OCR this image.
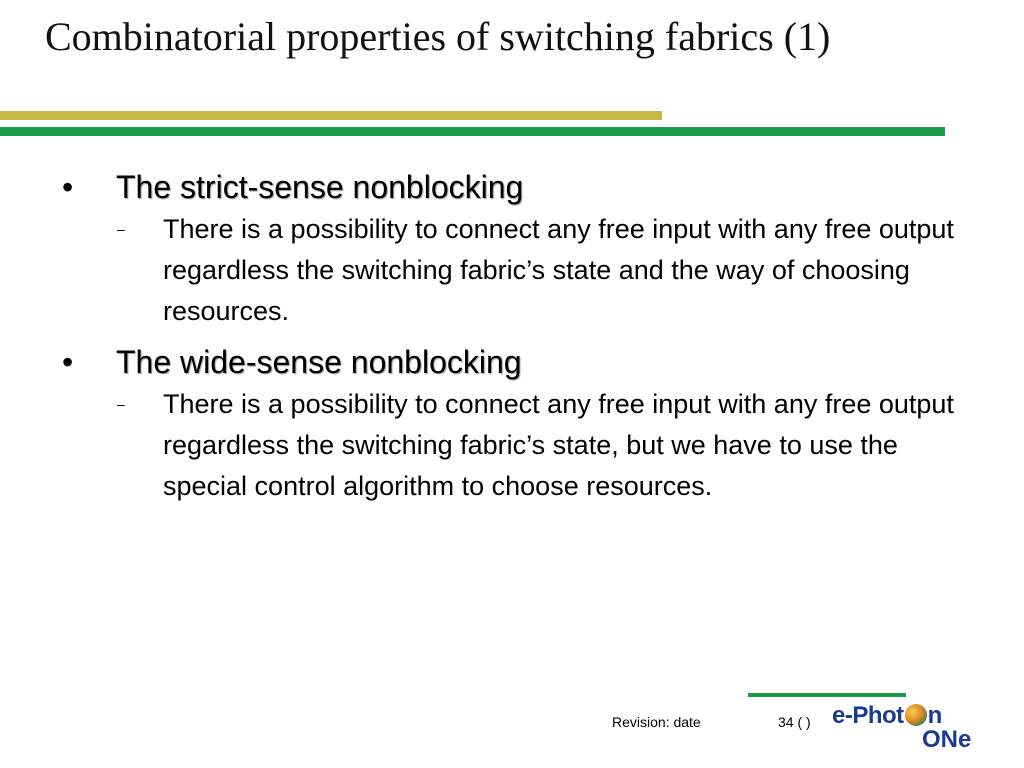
Combinatorial properties of switching fabrics (1)
• The strict-sense nonblocking
– There is a possibility to connect any free input with any free output regardless the switching fabric’s state and the way of choosing resources.
• The wide-sense nonblocking
– There is a possibility to connect any free input with any free output regardless the switching fabric’s state, but we have to use the special control algorithm to choose resources.
Revision: date	34 ( ) e-Phot n
ONe
